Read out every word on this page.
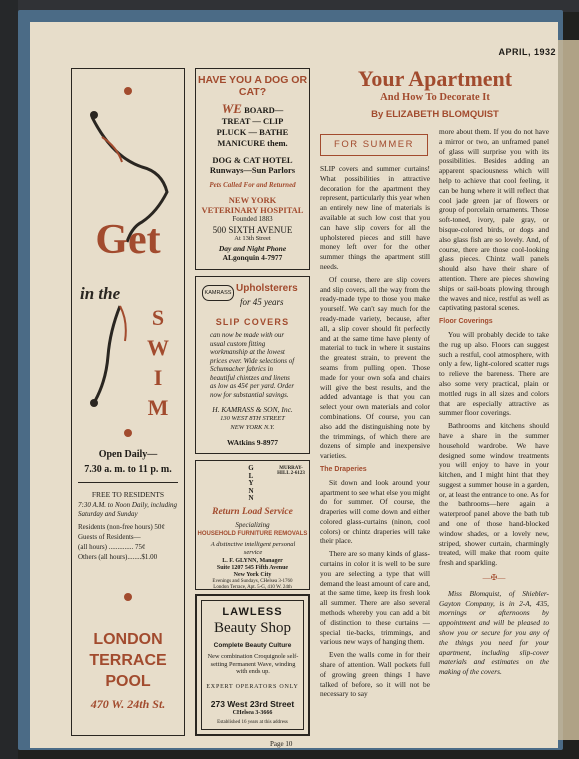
APRIL, 1932
Get
in the
S
W
I
M
Open Daily—
7.30 a. m. to 11 p. m.
FREE TO RESIDENTS
7:30 A.M. to Noon Daily, including Saturday and Sunday
Residents (non-free hours) 50¢
Guests of Residents—
(all hours) .............. 75¢
Others (all hours)........$1.00
LONDON
TERRACE
POOL
470 W. 24th St.
HAVE YOU A DOG OR CAT?
WE BOARD—
TREAT — CLIP
PLUCK — BATHE
MANICURE them.
DOG & CAT HOTEL
Runways—Sun Parlors
Pets Called For and Returned
NEW YORK
VETERINARY HOSPITAL
Founded 1883
500 SIXTH AVENUE
At 13th Street
Day and Night Phone
ALgonquin 4-7977
KAMRASS Upholsterers
for 45 years
SLIP COVERS
can now be made with our usual custom fitting workmanship at the lowest prices ever. Wide selections of Schumacher fabrics in beautiful chintzes and linens as low as 45¢ per yard. Order now for substantial savings.
H. KAMRASS & SON, Inc.
130 WEST 8TH STREET
NEW YORK N.Y.
WAtkins 9-8977
G
L
Y
N
N
MURRAY-HILL 2-6123
Return Load Service
Specializing
HOUSEHOLD FURNITURE REMOVALS
A distinctive intelligent personal service
L. F. GLYNN, Manager
Suite 1207 545 Fifth Avenue
New York City
Evenings and Sundays, CHelsea 3-1760
London Terrace, Apt. 5-G, 410 W. 24th
LAWLESS
Beauty Shop
Complete Beauty Culture
New combination Croquignole self-setting Permanent Wave, winding with ends up.
EXPERT OPERATORS ONLY
273 West 23rd Street
CHelsea 3-3666
Established 16 years at this address
Your Apartment
And How To Decorate It
By ELIZABETH BLOMQUIST
FOR SUMMER

SLIP covers and summer curtains! What possibilities in attractive decoration for the apartment they represent, particularly this year when an entirely new line of materials is available at such low cost that you can have slip covers for all the upholstered pieces and still have money left over for the other summer things the apartment still needs.

Of course, there are slip covers and slip covers, all the way from the ready-made type to those you make yourself. We can't say much for the ready-made variety, because, after all, a slip cover should fit perfectly and at the same time have plenty of material to tuck in where it sustains the greatest strain, to prevent the seams from pulling open. Those made for your own sofa and chairs will give the best results, and the added advantage is that you can select your own materials and color combinations. Of course, you can also add the distinguishing note by the trimmings, of which there are dozens of simple and inexpensive varieties.

The Draperies

Sit down and look around your apartment to see what else you might do for summer. Of course, the draperies will come down and either colored glass-curtains (ninon, cool colors) or chintz draperies will take their place.

There are so many kinds of glass-curtains in color it is well to be sure you are selecting a type that will demand the least amount of care and, at the same time, keep its fresh look all summer. There are also several methods whereby you can add a bit of distinction to these curtains — special tie-backs, trimmings, and various new ways of hanging them.

Even the walls come in for their share of attention. Wall pockets full of growing green things I have talked of before, so it will not be necessary to say

more about them. If you do not have a mirror or two, an unframed panel of glass will surprise you with its possibilities. Besides adding an apparent spaciousness which will help to achieve that cool feeling, it can be hung where it will reflect that cool jade green jar of flowers or group of porcelain ornaments. Those soft-toned, ivory, pale gray, or bisque-colored birds, or dogs and also glass fish are so lovely. And, of course, there are those cool-looking glass pieces. Chintz wall panels should also have their share of attention. There are pieces showing ships or sail-boats plowing through the waves and nice, restful as well as captivating pastoral scenes.

Floor Coverings

You will probably decide to take the rug up also. Floors can suggest such a restful, cool atmosphere, with only a few, light-colored scatter rugs to relieve the bareness. There are also some very practical, plain or mottled rugs in all sizes and colors that are especially attractive as summer floor coverings.

Bathrooms and kitchens should have a share in the summer household wardrobe. We have designed some window treatments you will enjoy to have in your kitchen, and I might hint that they suggest a summer house in a garden, or, at least the entrance to one. As for the bathrooms—here again a waterproof panel above the bath tub and one of those hand-blocked window shades, or a lovely new, striped, shower curtain, charmingly treated, will make that room quite fresh and sparkling.

—✠—

Miss Blomquist, of Shiebler-Gayton Company, is in 2-A, 435, mornings or afternoons by appointment and will be pleased to show you or secure for you any of the things you need for your apartment, including slip-cover materials and estimates on the making of the covers.

Page 10
